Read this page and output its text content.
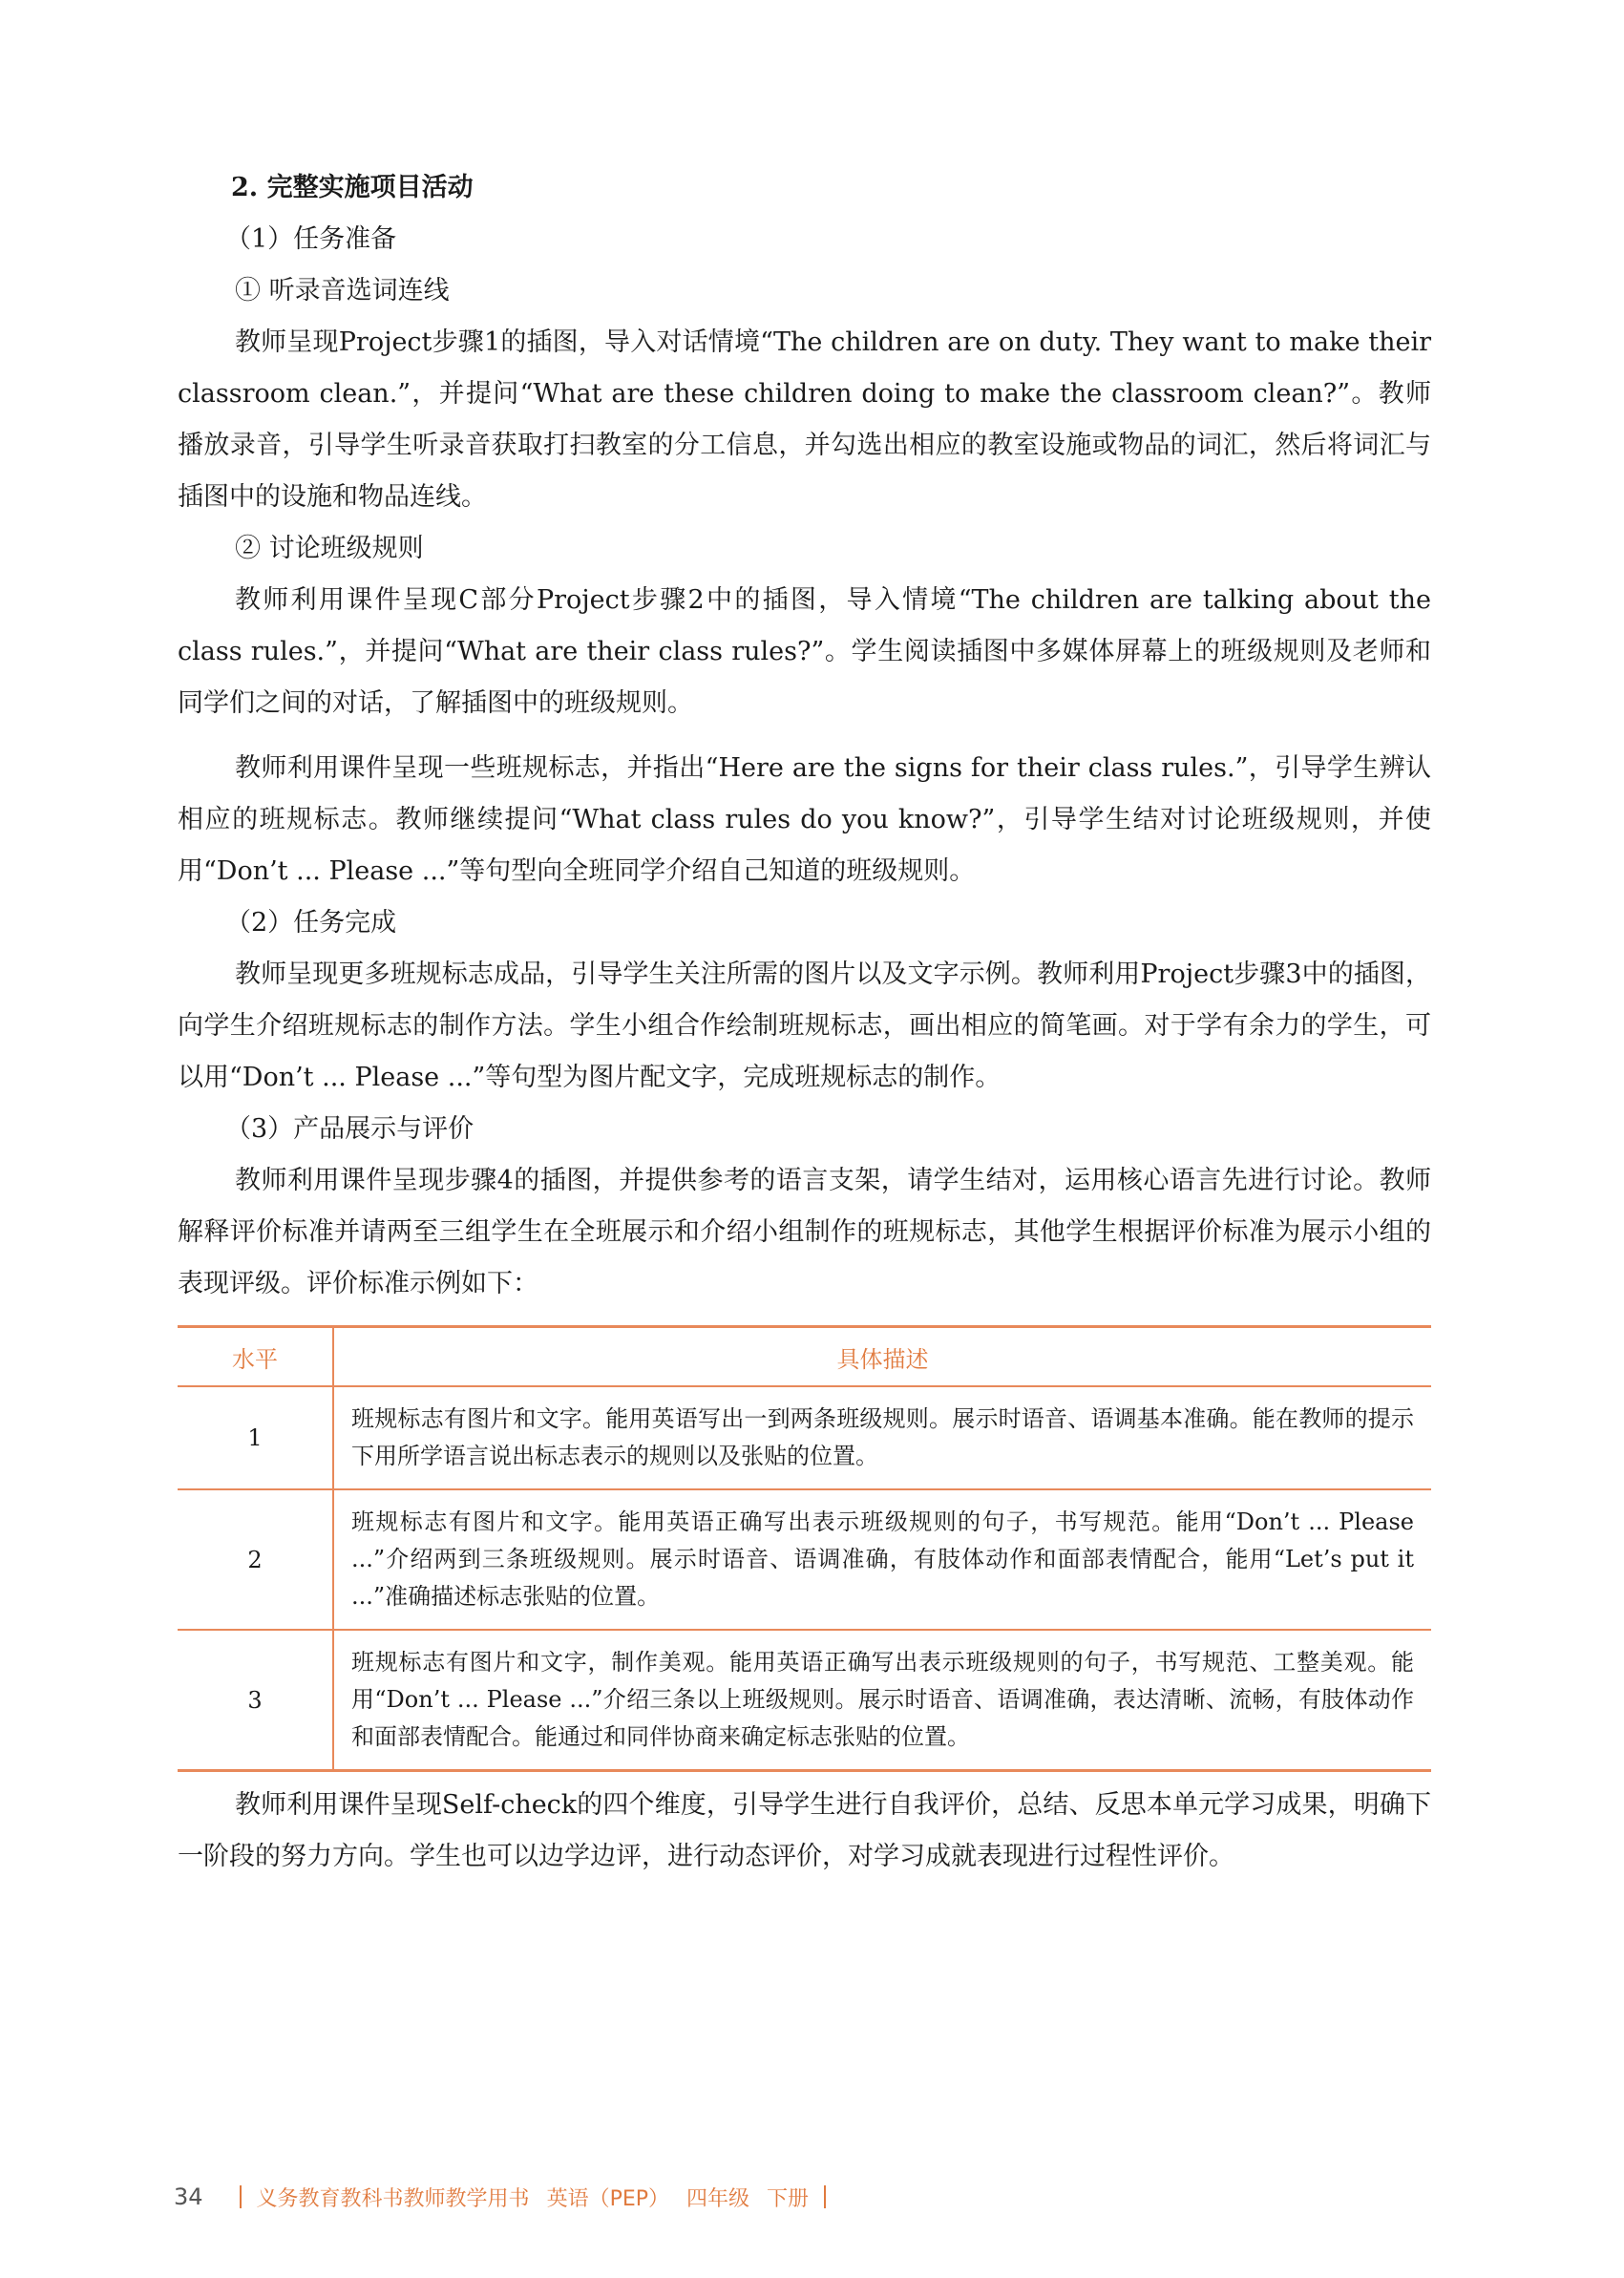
2. 完整实施项目活动

（1）任务准备

① 听录音选词连线

教师呈现Project步骤1的插图，导入对话情境“The children are on duty. They want to make their classroom clean.”，并提问“What are these children doing to make the classroom clean?”。教师播放录音，引导学生听录音获取打扫教室的分工信息，并勾选出相应的教室设施或物品的词汇，然后将词汇与插图中的设施和物品连线。

② 讨论班级规则

教师利用课件呈现C部分Project步骤2中的插图，导入情境“The children are talking about the class rules.”，并提问“What are their class rules?”。学生阅读插图中多媒体屏幕上的班级规则及老师和同学们之间的对话，了解插图中的班级规则。

教师利用课件呈现一些班规标志，并指出“Here are the signs for their class rules.”，引导学生辨认相应的班规标志。教师继续提问“What class rules do you know?”，引导学生结对讨论班级规则，并使用“Don’t ... Please ...”等句型向全班同学介绍自己知道的班级规则。

（2）任务完成

教师呈现更多班规标志成品，引导学生关注所需的图片以及文字示例。教师利用Project步骤3中的插图，向学生介绍班规标志的制作方法。学生小组合作绘制班规标志，画出相应的简笔画。对于学有余力的学生，可以用“Don’t ... Please ...”等句型为图片配文字，完成班规标志的制作。

（3）产品展示与评价

教师利用课件呈现步骤4的插图，并提供参考的语言支架，请学生结对，运用核心语言先进行讨论。教师解释评价标准并请两至三组学生在全班展示和介绍小组制作的班规标志，其他学生根据评价标准为展示小组的表现评级。评价标准示例如下：

水平	具体描述
1	班规标志有图片和文字。能用英语写出一到两条班级规则。展示时语音、语调基本准确。能在教师的提示下用所学语言说出标志表示的规则以及张贴的位置。
2	班规标志有图片和文字。能用英语正确写出表示班级规则的句子，书写规范。能用“Don’t ... Please ...”介绍两到三条班级规则。展示时语音、语调准确，有肢体动作和面部表情配合，能用“Let’s put it ...”准确描述标志张贴的位置。
3	班规标志有图片和文字，制作美观。能用英语正确写出表示班级规则的句子，书写规范、工整美观。能用“Don’t ... Please ...”介绍三条以上班级规则。展示时语音、语调准确，表达清晰、流畅，有肢体动作和面部表情配合。能通过和同伴协商来确定标志张贴的位置。

教师利用课件呈现Self-check的四个维度，引导学生进行自我评价，总结、反思本单元学习成果，明确下一阶段的努力方向。学生也可以边学边评，进行动态评价，对学习成就表现进行过程性评价。

34	义务教育教科书教师教学用书 英语（PEP） 四年级 下册
